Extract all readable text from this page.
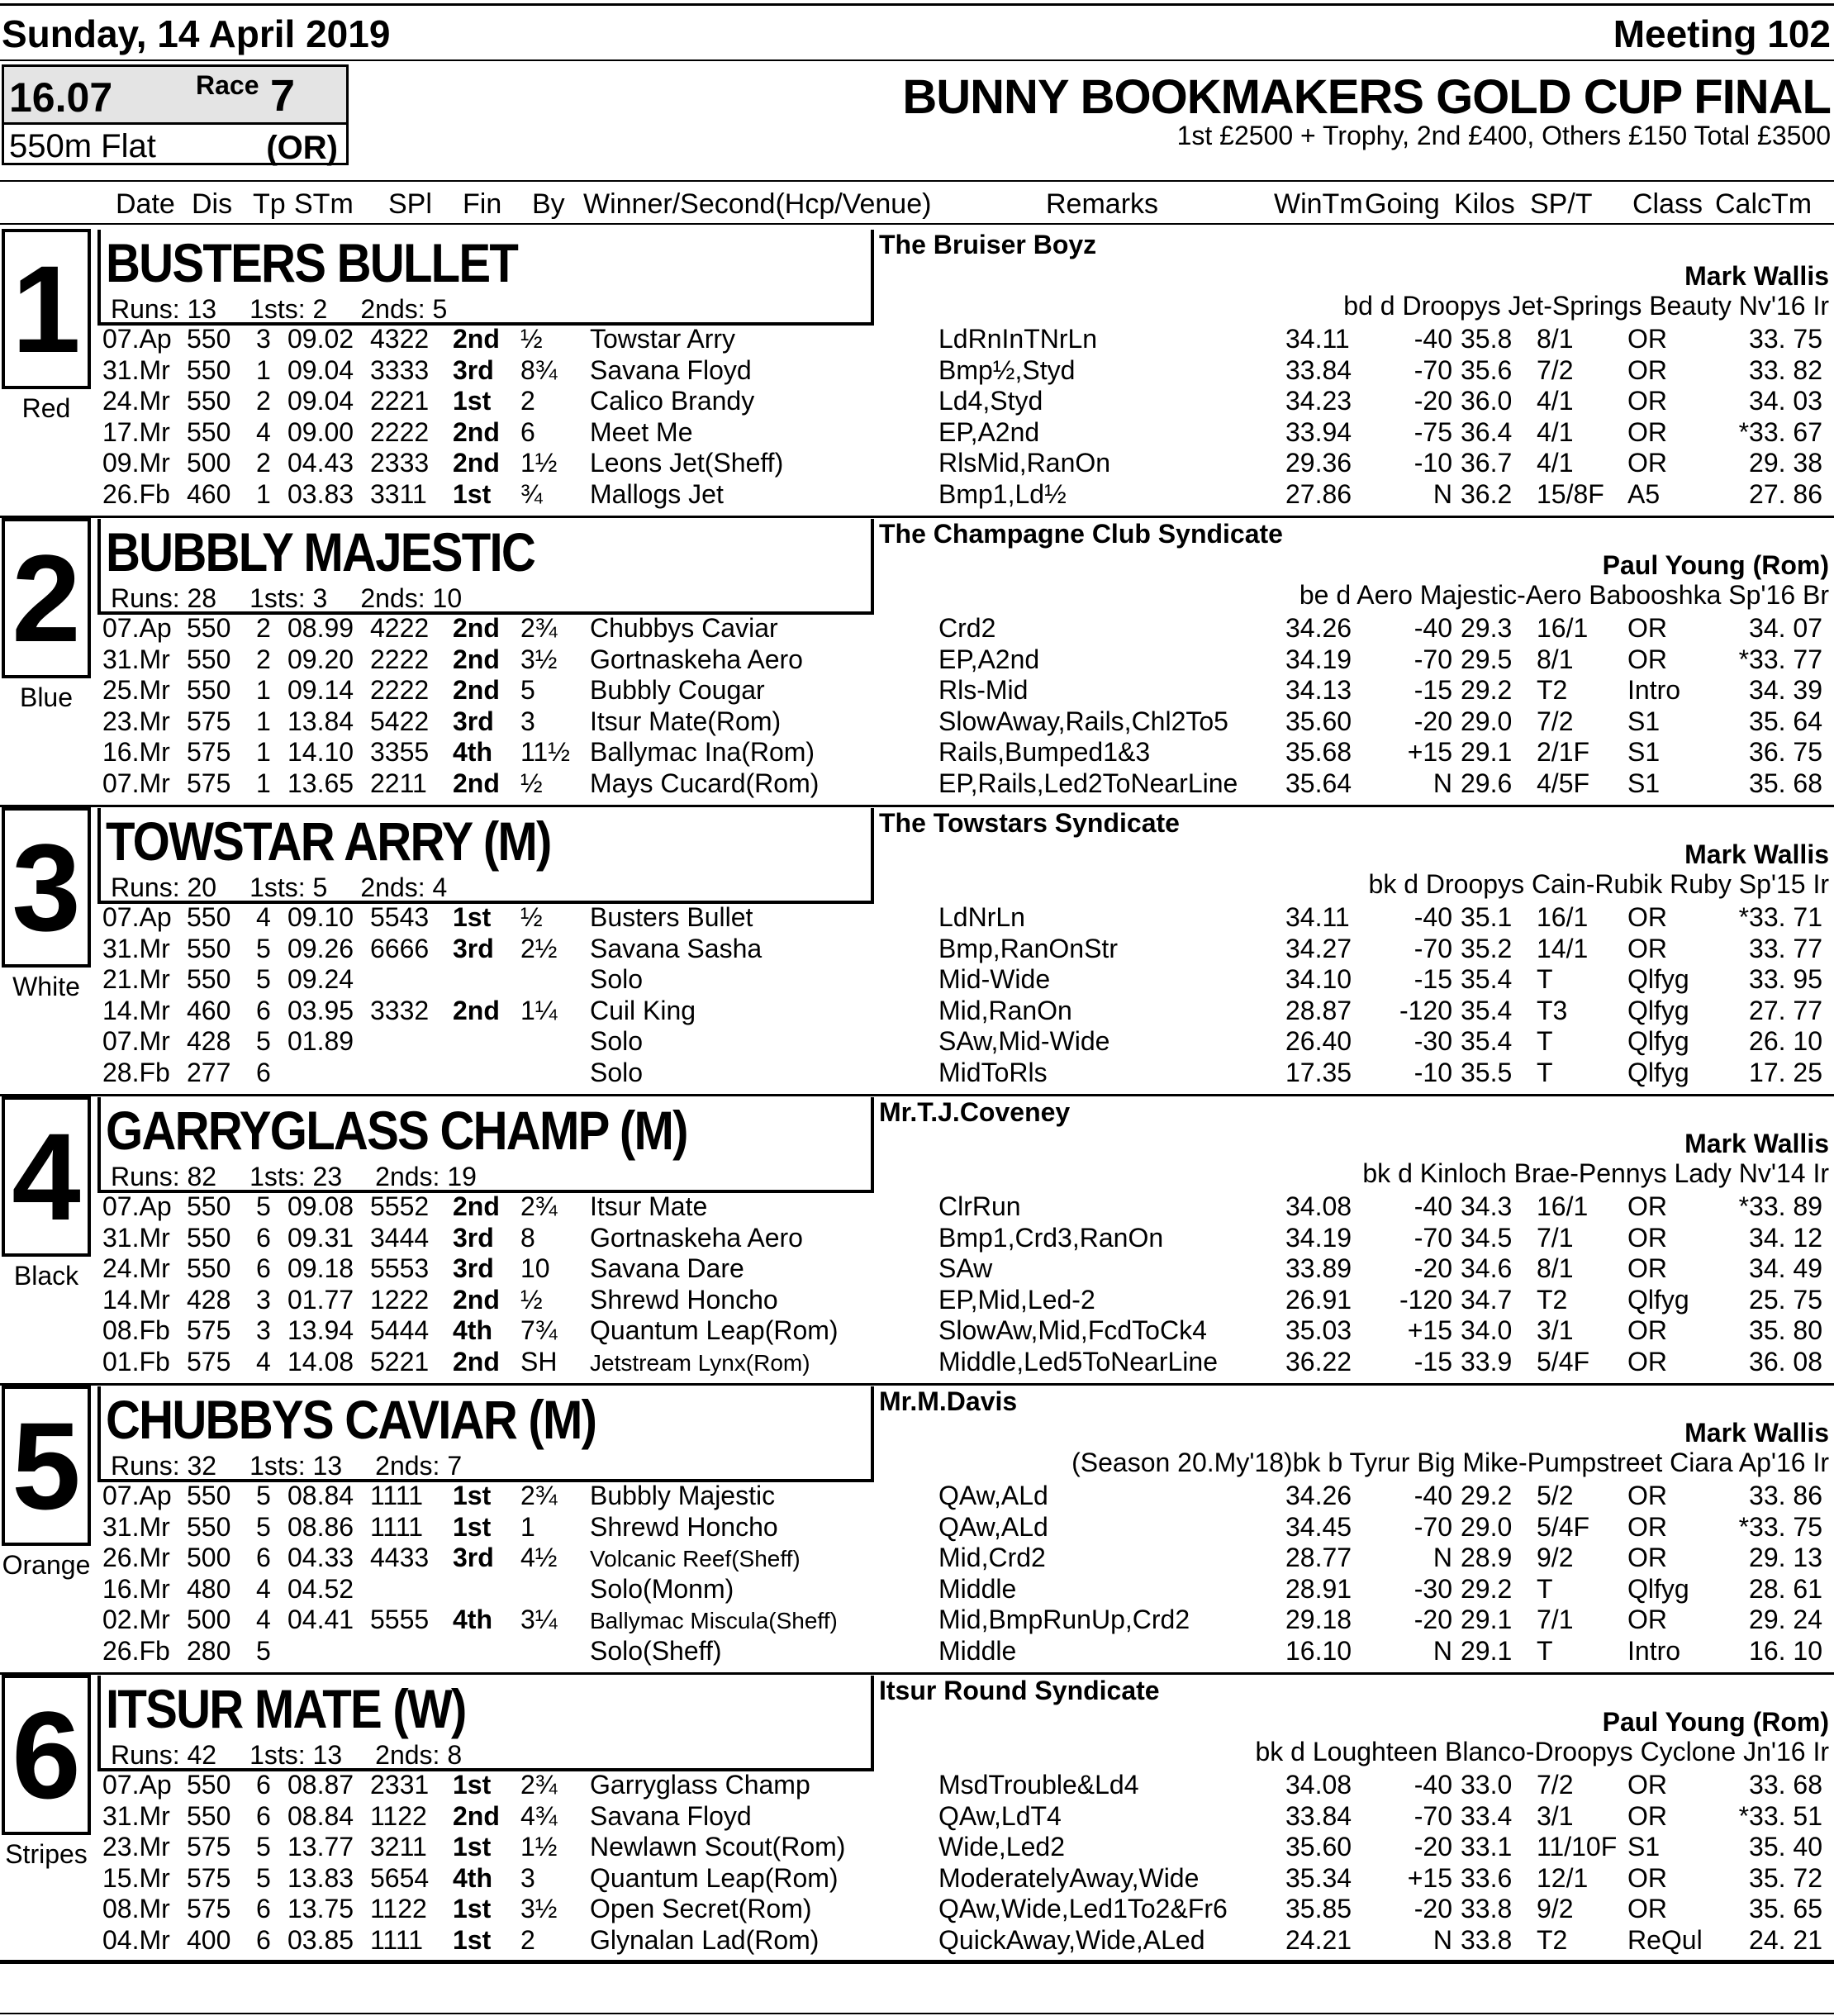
Sunday, 14 April 2019	Meeting 102
16.07	Race 7
550m Flat	(OR)
BUNNY BOOKMAKERS GOLD CUP FINAL
1st £2500 + Trophy, 2nd £400, Others £150 Total £3500
Date Dis Tp STm SPl Fin By Winner/Second(Hcp/Venue)	Remarks	WinTm Going Kilos SP/T Class CalcTm
1
Red
BUSTERS BULLET
Runs: 13 1sts: 2 2nds: 5
The Bruiser Boyz
Mark Wallis
bd d Droopys Jet-Springs Beauty Nv'16 Ir
07.Ap 550 3 09.02 4322 2nd ½ Towstar Arry	LdRnInTNrLn	34.11 -40 35.8 8/1 OR	33. 75
31.Mr 550 1 09.04 3333 3rd 8¾ Savana Floyd	Bmp½,Styd	33.84 -70 35.6 7/2 OR	33. 82
24.Mr 550 2 09.04 2221 1st 2 Calico Brandy	Ld4,Styd	34.23 -20 36.0 4/1 OR	34. 03
17.Mr 550 4 09.00 2222 2nd 6 Meet Me	EP,A2nd	33.94 -75 36.4 4/1 OR	*33. 67
09.Mr 500 2 04.43 2333 2nd 1½ Leons Jet(Sheff)	RlsMid,RanOn	29.36 -10 36.7 4/1 OR	29. 38
26.Fb 460 1 03.83 3311 1st ¾ Mallogs Jet	Bmp1,Ld½	27.86	N 36.2 15/8F A5	27. 86
2
Blue
BUBBLY MAJESTIC
Runs: 28 1sts: 3 2nds: 10
The Champagne Club Syndicate
Paul Young (Rom)
be d Aero Majestic-Aero Babooshka Sp'16 Br
07.Ap 550 2 08.99 4222 2nd 2¾ Chubbys Caviar	Crd2	34.26 -40 29.3 16/1 OR	34. 07
31.Mr 550 2 09.20 2222 2nd 3½ Gortnaskeha Aero	EP,A2nd	34.19 -70 29.5 8/1 OR	*33. 77
25.Mr 550 1 09.14 2222 2nd 5 Bubbly Cougar	Rls-Mid	34.13 -15 29.2 T2 Intro	34. 39
23.Mr 575 1 13.84 5422 3rd 3 Itsur Mate(Rom)	SlowAway,Rails,Chl2To5 35.60 -20 29.0 7/2 S1	35. 64
16.Mr 575 1 14.10 3355 4th 11½ Ballymac Ina(Rom)	Rails,Bumped1&3	35.68 +15 29.1 2/1F S1	36. 75
07.Mr 575 1 13.65 2211 2nd ½ Mays Cucard(Rom)	EP,Rails,Led2ToNearLine 35.64	N 29.6 4/5F S1	35. 68
3
White
TOWSTAR ARRY (M)
Runs: 20 1sts: 5 2nds: 4
The Towstars Syndicate
Mark Wallis
bk d Droopys Cain-Rubik Ruby Sp'15 Ir
07.Ap 550 4 09.10 5543 1st ½ Busters Bullet	LdNrLn	34.11 -40 35.1 16/1 OR	*33. 71
31.Mr 550 5 09.26 6666 3rd 2½ Savana Sasha	Bmp,RanOnStr	34.27 -70 35.2 14/1 OR	33. 77
21.Mr 550 5 09.24	Solo	Mid-Wide	34.10 -15 35.4 T	Qlfyg 33. 95
14.Mr 460 6 03.95 3332 2nd 1¼ Cuil King	Mid,RanOn	28.87 -120 35.4 T3 Qlfyg 27. 77
07.Mr 428 5 01.89	Solo	SAw,Mid-Wide	26.40 -30 35.4 T	Qlfyg 26. 10
28.Fb 277 6	Solo	MidToRls	17.35 -10 35.5 T	Qlfyg 17. 25
4
Black
GARRYGLASS CHAMP (M)
Runs: 82 1sts: 23 2nds: 19
Mr.T.J.Coveney
Mark Wallis
bk d Kinloch Brae-Pennys Lady Nv'14 Ir
07.Ap 550 5 09.08 5552 2nd 2¾ Itsur Mate	ClrRun	34.08 -40 34.3 16/1 OR	*33. 89
31.Mr 550 6 09.31 3444 3rd 8 Gortnaskeha Aero	Bmp1,Crd3,RanOn	34.19 -70 34.5 7/1 OR	34. 12
24.Mr 550 6 09.18 5553 3rd 10 Savana Dare	SAw	33.89 -20 34.6 8/1 OR	34. 49
14.Mr 428 3 01.77 1222 2nd ½ Shrewd Honcho	EP,Mid,Led-2	26.91 -120 34.7 T2 Qlfyg 25. 75
08.Fb 575 3 13.94 5444 4th 7¾ Quantum Leap(Rom)	SlowAw,Mid,FcdToCk4	35.03 +15 34.0 3/1 OR	35. 80
01.Fb 575 4 14.08 5221 2nd SH Jetstream Lynx(Rom)	Middle,Led5ToNearLine	36.22 -15 33.9 5/4F OR	36. 08
5
Orange
CHUBBYS CAVIAR (M)
Runs: 32 1sts: 13 2nds: 7
Mr.M.Davis
Mark Wallis
(Season 20.My'18)bk b Tyrur Big Mike-Pumpstreet Ciara Ap'16 Ir
07.Ap 550 5 08.84 1111 1st 2¾ Bubbly Majestic	QAw,ALd	34.26 -40 29.2 5/2 OR	33. 86
31.Mr 550 5 08.86 1111 1st 1 Shrewd Honcho	QAw,ALd	34.45 -70 29.0 5/4F OR	*33. 75
26.Mr 500 6 04.33 4433 3rd 4½ Volcanic Reef(Sheff)	Mid,Crd2	28.77	N 28.9 9/2 OR	29. 13
16.Mr 480 4 04.52	Solo(Monm)	Middle	28.91 -30 29.2 T	Qlfyg 28. 61
02.Mr 500 4 04.41 5555 4th 3¼ Ballymac Miscula(Sheff)	Mid,BmpRunUp,Crd2	29.18 -20 29.1 7/1 OR	29. 24
26.Fb 280 5	Solo(Sheff)	Middle	16.10	N 29.1 T	Intro	16. 10
6
Stripes
ITSUR MATE (W)
Runs: 42 1sts: 13 2nds: 8
Itsur Round Syndicate
Paul Young (Rom)
bk d Loughteen Blanco-Droopys Cyclone Jn'16 Ir
07.Ap 550 6 08.87 2331 1st 2¾ Garryglass Champ	MsdTrouble&Ld4	34.08 -40 33.0 7/2 OR	33. 68
31.Mr 550 6 08.84 1122 2nd 4¾ Savana Floyd	QAw,LdT4	33.84 -70 33.4 3/1 OR	*33. 51
23.Mr 575 5 13.77 3211 1st 1½ Newlawn Scout(Rom)	Wide,Led2	35.60 -20 33.1 11/10F S1	35. 40
15.Mr 575 5 13.83 5654 4th 3 Quantum Leap(Rom)	ModeratelyAway,Wide	35.34 +15 33.6 12/1 OR	35. 72
08.Mr 575 6 13.75 1122 1st 3½ Open Secret(Rom)	QAw,Wide,Led1To2&Fr6 35.85 -20 33.8 9/2 OR	35. 65
04.Mr 400 6 03.85 1111 1st 2 Glynalan Lad(Rom)	QuickAway,Wide,ALed	24.21	N 33.8 T2 ReQul 24. 21
